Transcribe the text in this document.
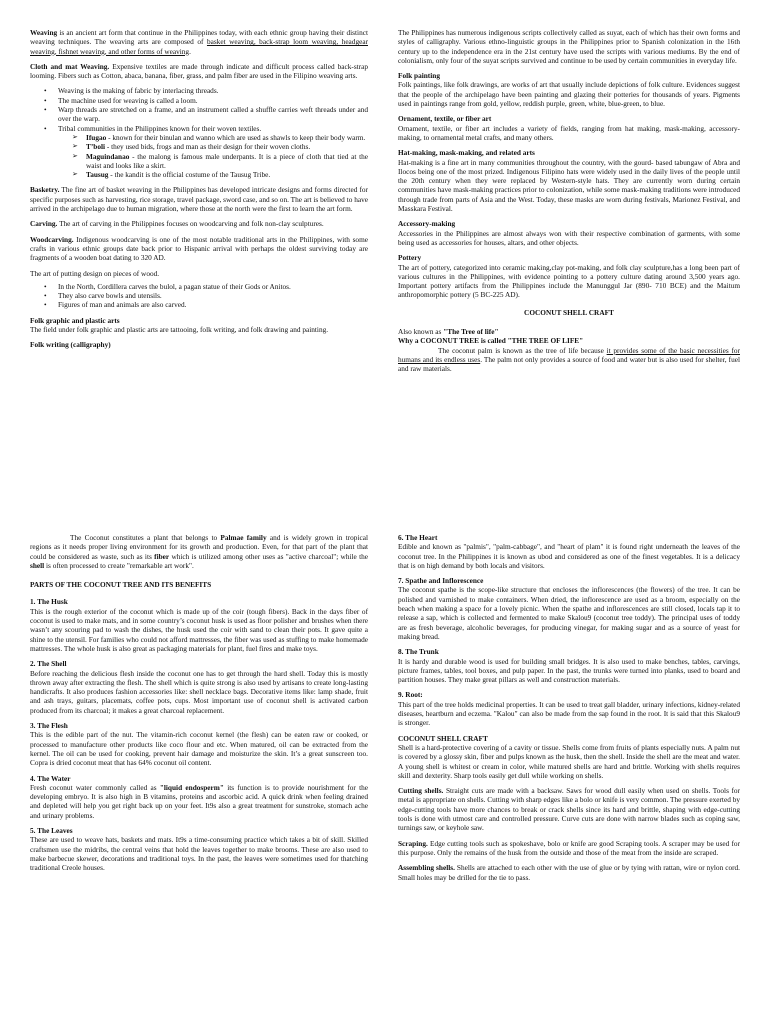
Weaving is an ancient art form that continue in the Philippines today, with each ethnic group having their distinct weaving techniques. The weaving arts are composed of basket weaving, back-strap loom weaving, headgear weaving, fishnet weaving, and other forms of weaving.

Cloth and mat Weaving. Expensive textiles are made through indicate and difficult process called back-strap looming. Fibers such as Cotton, abaca, banana, fiber, grass, and palm fiber are used in the Filipino weaving arts.

• Weaving is the making of fabric by interlacing threads.
• The machine used for weaving is called a loom.
• Warp threads are stretched on a frame, and an instrument called a shuffle carries weft threads under and over the warp.
• Tribal communities in the Philippines known for their woven textiles.
➢ Ifugao - known for their binulan and wanno which are used as shawls to keep their body warm.
➢ T’boli - they used bids, frogs and man as their design for their woven cloths.
➢ Maguindanao - the malong is famous male underpants. It is a piece of cloth that tied at the waist and looks like a skirt.
➢ Tausug - the kandit is the official costume of the Tausug Tribe.

Basketry. The fine art of basket weaving in the Philippines has developed intricate designs and forms directed for specific purposes such as harvesting, rice storage, travel package, sword case, and so on. The art is believed to have arrived in the archipelago due to human migration, where those at the north were the first to learn the art form.

Carving. The art of carving in the Philippines focuses on woodcarving and folk non-clay sculptures.

Woodcarving. Indigenous woodcarving is one of the most notable traditional arts in the Philippines, with some crafts in various ethnic groups date back prior to Hispanic arrival with perhaps the oldest surviving today are fragments of a wooden boat dating to 320 AD.

The art of putting design on pieces of wood.

• In the North, Cordillera carves the bulol, a pagan statue of their Gods or Anitos.
• They also carve bowls and utensils.
• Figures of man and animals are also carved.

Folk graphic and plastic arts
The field under folk graphic and plastic arts are tattooing, folk writing, and folk drawing and painting.

Folk writing (calligraphy)

The Philippines has numerous indigenous scripts collectively called as suyat, each of which has their own forms and styles of calligraphy. Various ethno-linguistic groups in the Philippines prior to Spanish colonization in the 16th century up to the independence era in the 21st century have used the scripts with various mediums. By the end of colonialism, only four of the suyat scripts survived and continue to be used by certain communities in everyday life.

Folk painting
Folk paintings, like folk drawings, are works of art that usually include depictions of folk culture. Evidences suggest that the people of the archipelago have been painting and glazing their potteries for thousands of years. Pigments used in paintings range from gold, yellow, reddish purple, green, white, blue-green, to blue.

Ornament, textile, or fiber art
Ornament, textile, or fiber art includes a variety of fields, ranging from hat making, mask-making, accessory- making, to ornamental metal crafts, and many others.

Hat-making, mask-making, and related arts
Hat-making is a fine art in many communities throughout the country, with the gourd- based tabungaw of Abra and Ilocos being one of the most prized. Indigenous Filipino hats were widely used in the daily lives of the people until the 20th century when they were replaced by Western-style hats. They are currently worn during certain communities have mask-making practices prior to colonization, while some mask-making traditions were introduced through trade from parts of Asia and the West. Today, these masks are worn during festivals, Marionez Festival, and Masskara Festival.

Accessory-making
Accessories in the Philippines are almost always won with their respective combination of garments, with some being used as accessories for houses, altars, and other objects.

Pottery
The art of pottery, categorized into ceramic making,clay pot-making, and folk clay sculpture,has a long been part of various cultures in the Philippines, with evidence pointing to a pottery culture dating around 3,500 years ago. Important pottery artifacts from the Philippines include the Manunggul Jar (890- 710 BCE) and the Maitum anthropomorphic pottery (5 BC-225 AD).

COCONUT SHELL CRAFT

Also known as "The Tree of life"

Why a COCONUT TREE is called "THE TREE OF LIFE"

The coconut palm is known as the tree of life because it provides some of the basic necessities for humans and its endless uses. The palm not only provides a source of food and water but is also used for shelter, fuel and raw materials.

The Coconut constitutes a plant that belongs to Palmae family and is widely grown in tropical regions as it needs proper living environment for its growth and production. Even, for that part of the plant that could be considered as waste, such as its fiber which is utilized among other uses as "active charcoal"; while the shell is often processed to create "remarkable art work".

PARTS OF THE COCONUT TREE AND ITS BENEFITS

1. The Husk
This is the rough exterior of the coconut which is made up of the coir (tough fibers). Back in the days fiber of coconut is used to make mats, and in some country’s coconut husk is used as floor polisher and brushes when there wasn’t any scouring pad to wash the dishes, the husk used the coir with sand to clean their pots. It gave quite a shine to the utensil. For families who could not afford mattresses, the fiber was used as stuffing to make homemade mattresses. The whole husk is also great as packaging materials for plant, fuel fires and make toys.

2. The Shell
Before reaching the delicious flesh inside the coconut one has to get through the hard shell. Today this is mostly thrown away after extracting the flesh. The shell which is quite strong is also used by artisans to create long-lasting handicrafts. It also produces fashion accessories like: shell necklace bags. Decorative items like: lamp shade, fruit and ash trays, guitars, placemats, coffee pots, cups. Most important use of coconut shell is activated carbon produced from its charcoal; it makes a great charcoal replacement.

3. The Flesh
This is the edible part of the nut. The vitamin-rich coconut kernel (the flesh) can be eaten raw or cooked, or processed to manufacture other products like coco flour and etc. When matured, oil can be extracted from the kernel. The oil can be used for cooking, prevent hair damage and moisturize the skin. It’s a great sunscreen too. Copra is dried coconut meat that has 64% coconut oil content.

4. The Water
Fresh coconut water commonly called as "liquid endosperm" its function is to provide nourishment for the developing embryo. It is also high in B vitamins, proteins and ascorbic acid. A quick drink when feeling drained and depleted will help you get right back up on your feet. It9s also a great treatment for sunstroke, stomach ache and urinary problems.

5. The Leaves
These are used to weave hats, baskets and mats. It9s a time-consuming practice which takes a bit of skill. Skilled craftsmen use the midribs, the central veins that hold the leaves together to make brooms. These are also used to make barbecue skewer, decorations and traditional toys. In the past, the leaves were sometimes used for thatching traditional Creole houses.

6. The Heart
Edible and known as "palmis", "palm-cabbage", and "heart of plam" it is found right underneath the leaves of the coconut tree. In the Philippines it is known as ubod and considered as one of the finest vegetables. It is a delicacy that is on high demand by both locals and visitors.

7. Spathe and Inflorescence
The coconut spathe is the scope-like structure that encloses the inflorescences (the flowers) of the tree. It can be polished and varnished to make containers. When dried, the inflorescence are used as a broom, especially on the beach when making a space for a lovely picnic. When the spathe and inflorescences are still closed, locals tap it to release a sap, which is collected and fermented to make Skalou9 (coconut tree toddy). The principal uses of toddy are as fresh beverage, alcoholic beverages, for producing vinegar, for making sugar and as a source of yeast for making bread.

8. The Trunk
It is hardy and durable wood is used for building small bridges. It is also used to make benches, tables, carvings, picture frames, tables, tool boxes, and pulp paper. In the past, the trunks were turned into planks, used to board and partition houses. They make great pillars as well and construction materials.

9. Root:
This part of the tree holds medicinal properties. It can be used to treat gall bladder, urinary infections, kidney-related diseases, heartburn and eczema. "Kalou" can also be made from the sap found in the root. It is said that this Skalou9 is stronger.

COCONUT SHELL CRAFT
Shell is a hard-protective covering of a cavity or tissue. Shells come from fruits of plants especially nuts. A palm nut is covered by a glossy skin, fiber and pulps known as the husk, then the shell. Inside the shell are the meat and water. A young shell is whitest or cream in color, while matured shells are hard and brittle. Working with shells requires skill and dexterity. Sharp tools easily get dull while working on shells.

Cutting shells. Straight cuts are made with a backsaw. Saws for wood dull easily when used on shells. Tools for metal is appropriate on shells. Cutting with sharp edges like a bolo or knife is very common. The pressure exerted by edge-cutting tools have more chances to break or crack shells since its hard and brittle, shaping with edge-cutting tools is done with utmost care and controlled pressure. Curve cuts are done with narrow blades such as coping saw, turnings saw, or keyhole saw.

Scraping. Edge cutting tools such as spokeshave, bolo or knife are good Scraping tools. A scraper may be used for this purpose. Only the remains of the husk from the outside and those of the meat from the inside are scraped.

Assembling shells. Shells are attached to each other with the use of glue or by tying with rattan, wire or nylon cord. Small holes may be drilled for the tie to pass.
